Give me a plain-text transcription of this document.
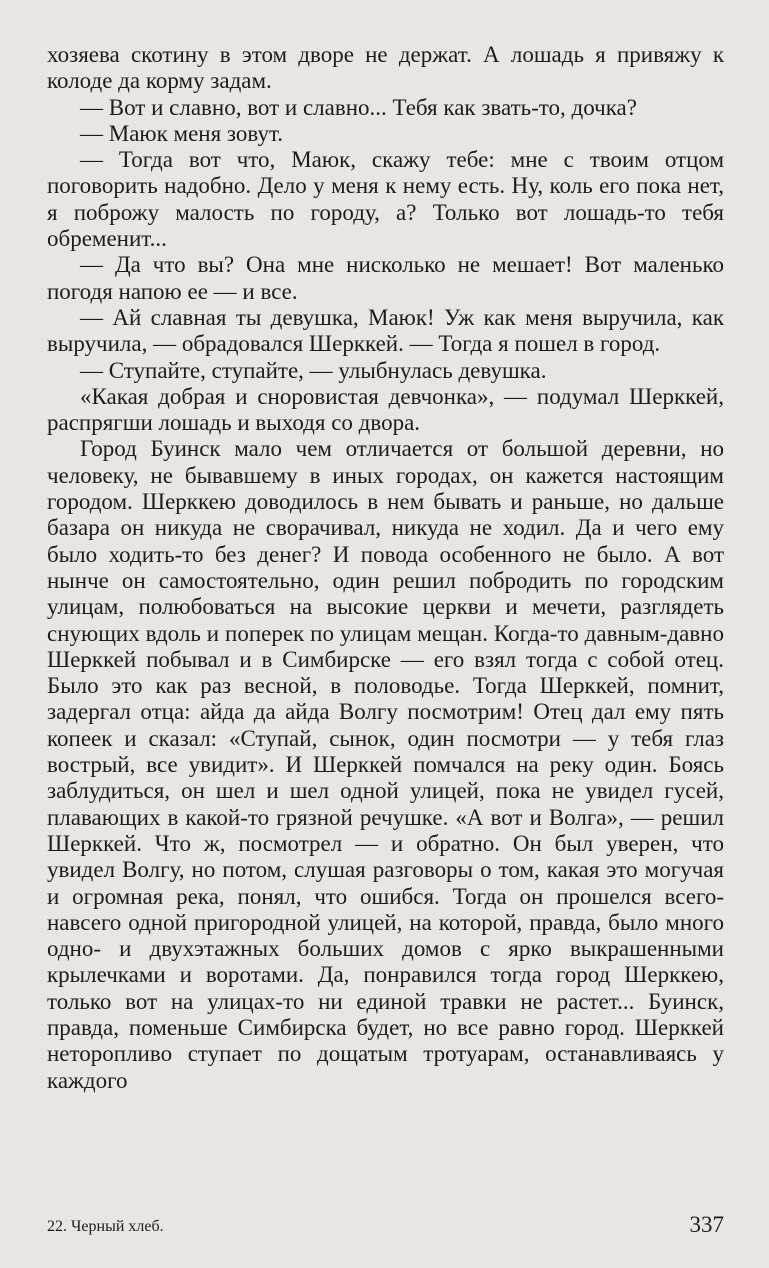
хозяева скотину в этом дворе не держат. А лошадь я привяжу к колоде да корму задам.

— Вот и славно, вот и славно... Тебя как звать-то, дочка?

— Маюк меня зовут.

— Тогда вот что, Маюк, скажу тебе: мне с твоим отцом поговорить надобно. Дело у меня к нему есть. Ну, коль его пока нет, я поброжу малость по городу, а? Только вот лошадь-то тебя обременит...

— Да что вы? Она мне нисколько не мешает! Вот маленько погодя напою ее — и все.

— Ай славная ты девушка, Маюк! Уж как меня выручила, как выручила, — обрадовался Шерккей. — Тогда я пошел в город.

— Ступайте, ступайте, — улыбнулась девушка.

«Какая добрая и сноровистая девчонка», — подумал Шерккей, распрягши лошадь и выходя со двора.

Город Буинск мало чем отличается от большой деревни, но человеку, не бывавшему в иных городах, он кажется настоящим городом. Шерккею доводилось в нем бывать и раньше, но дальше базара он никуда не сворачивал, никуда не ходил. Да и чего ему было ходить-то без денег? И повода особенного не было. А вот нынче он самостоятельно, один решил побродить по городским улицам, полюбоваться на высокие церкви и мечети, разглядеть снующих вдоль и поперек по улицам мещан. Когда-то давным-давно Шерккей побывал и в Симбирске — его взял тогда с собой отец. Было это как раз весной, в половодье. Тогда Шерккей, помнит, задергал отца: айда да айда Волгу посмотрим! Отец дал ему пять копеек и сказал: «Ступай, сынок, один посмотри — у тебя глаз вострый, все увидит». И Шерккей помчался на реку один. Боясь заблудиться, он шел и шел одной улицей, пока не увидел гусей, плавающих в какой-то грязной речушке. «А вот и Волга», — решил Шерккей. Что ж, посмотрел — и обратно. Он был уверен, что увидел Волгу, но потом, слушая разговоры о том, какая это могучая и огромная река, понял, что ошибся. Тогда он прошелся всего-навсего одной пригородной улицей, на которой, правда, было много одно- и двухэтажных больших домов с ярко выкрашенными крылечками и воротами. Да, понравился тогда город Шерккею, только вот на улицах-то ни единой травки не растет... Буинск, правда, поменьше Симбирска будет, но все равно город. Шерккей неторопливо ступает по дощатым тротуарам, останавливаясь у каждого

22. Черный хлеб.	337
